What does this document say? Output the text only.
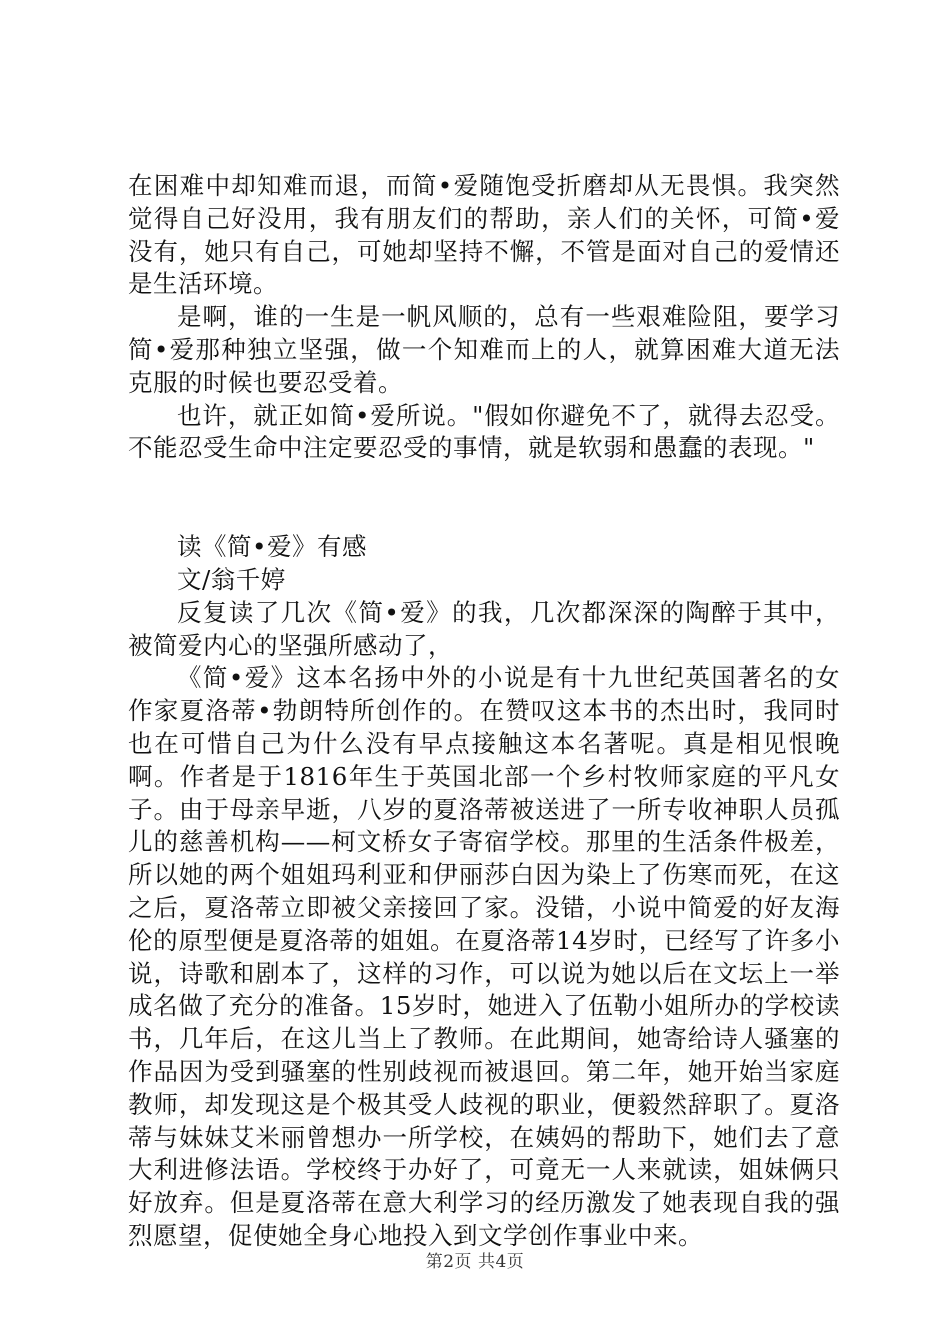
在困难中却知难而退，而简•爱随饱受折磨却从无畏惧。我突然觉得自己好没用，我有朋友们的帮助，亲人们的关怀，可简•爱没有，她只有自己，可她却坚持不懈，不管是面对自己的爱情还是生活环境。

是啊，谁的一生是一帆风顺的，总有一些艰难险阻，要学习简•爱那种独立坚强，做一个知难而上的人，就算困难大道无法克服的时候也要忍受着。

也许，就正如简•爱所说。"假如你避免不了，就得去忍受。不能忍受生命中注定要忍受的事情，就是软弱和愚蠢的表现。"

读《简•爱》有感

文/翁千婷

反复读了几次《简•爱》的我，几次都深深的陶醉于其中，被简爱内心的坚强所感动了，

《简•爱》这本名扬中外的小说是有十九世纪英国著名的女作家夏洛蒂•勃朗特所创作的。在赞叹这本书的杰出时，我同时也在可惜自己为什么没有早点接触这本名著呢。真是相见恨晚啊。作者是于1816年生于英国北部一个乡村牧师家庭的平凡女子。由于母亲早逝，八岁的夏洛蒂被送进了一所专收神职人员孤儿的慈善机构——柯文桥女子寄宿学校。那里的生活条件极差，所以她的两个姐姐玛利亚和伊丽莎白因为染上了伤寒而死，在这之后，夏洛蒂立即被父亲接回了家。没错，小说中简爱的好友海伦的原型便是夏洛蒂的姐姐。在夏洛蒂14岁时，已经写了许多小说，诗歌和剧本了，这样的习作，可以说为她以后在文坛上一举成名做了充分的准备。15岁时，她进入了伍勒小姐所办的学校读书，几年后，在这儿当上了教师。在此期间，她寄给诗人骚塞的作品因为受到骚塞的性别歧视而被退回。第二年，她开始当家庭教师，却发现这是个极其受人歧视的职业，便毅然辞职了。夏洛蒂与妹妹艾米丽曾想办一所学校，在姨妈的帮助下，她们去了意大利进修法语。学校终于办好了，可竟无一人来就读，姐妹俩只好放弃。但是夏洛蒂在意大利学习的经历激发了她表现自我的强烈愿望，促使她全身心地投入到文学创作事业中来。

第2页 共4页
